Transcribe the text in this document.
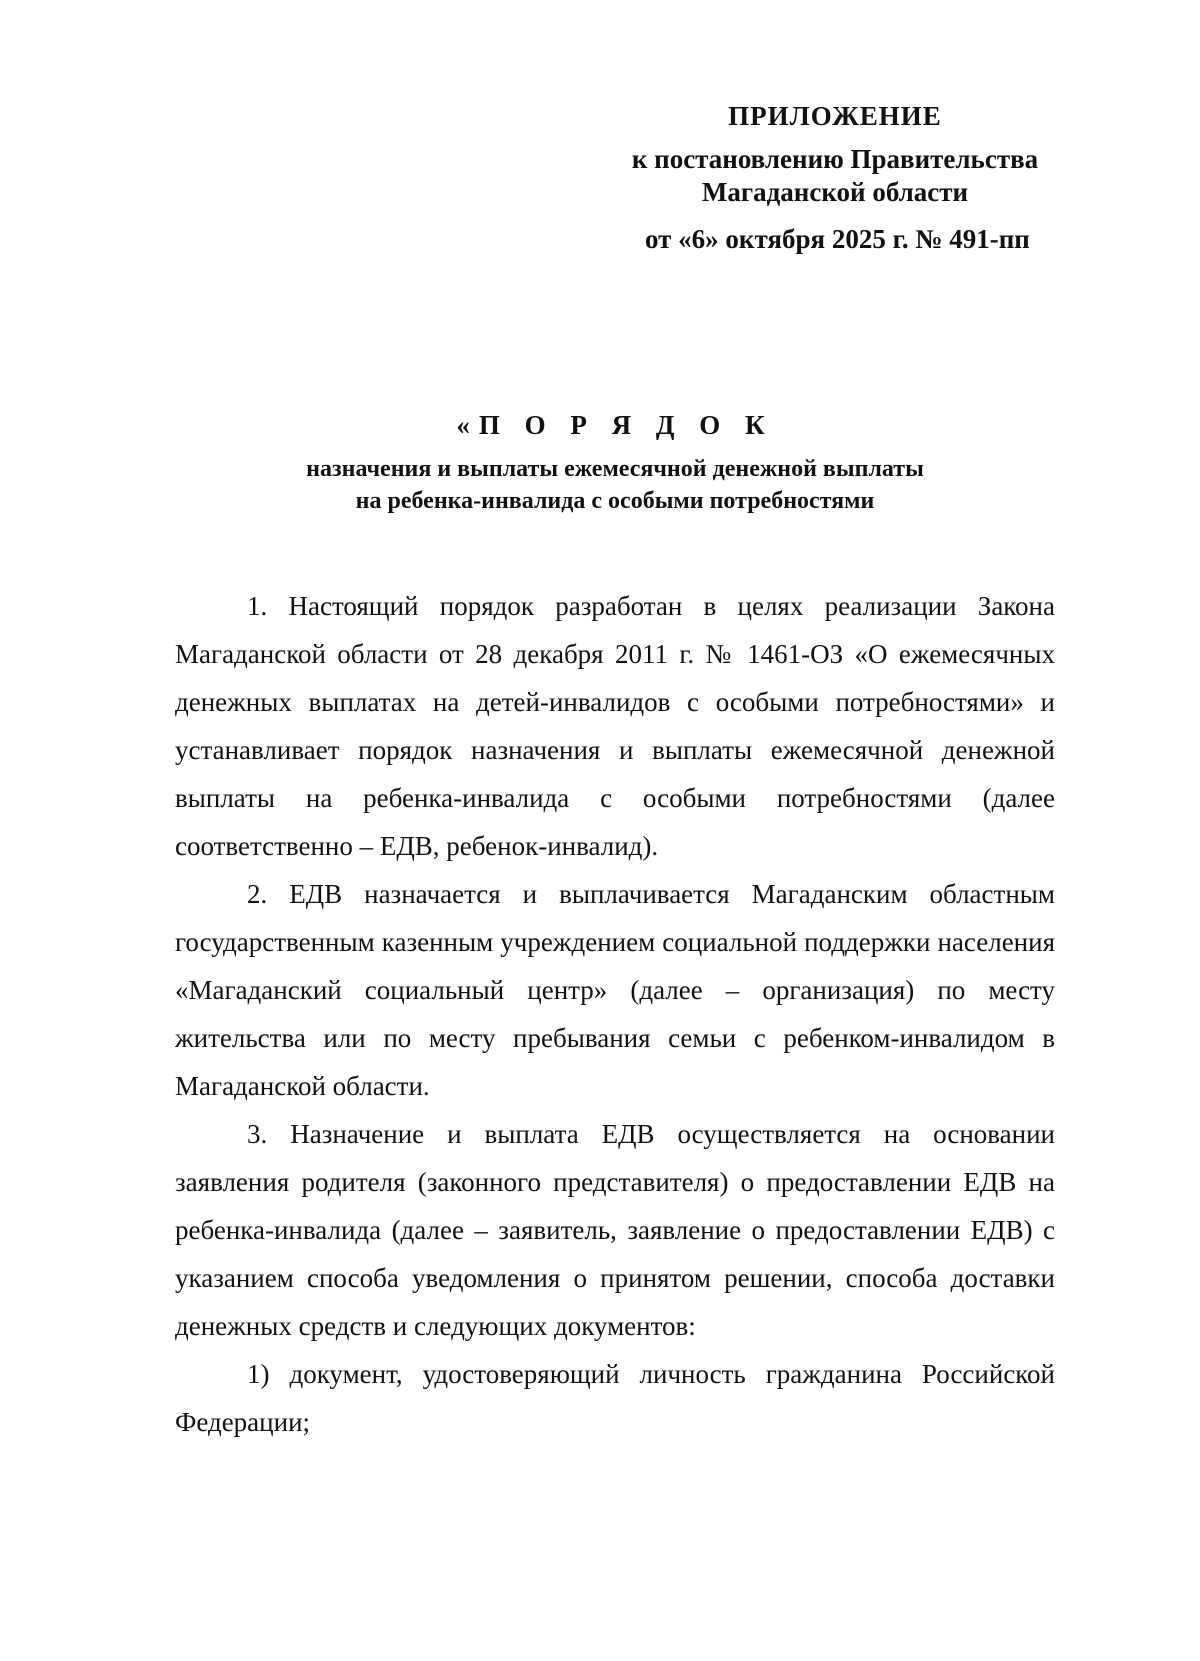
ПРИЛОЖЕНИЕ

к постановлению Правительства

Магаданской области

от «6» октября 2025 г. № 491-пп

«П О Р Я Д О К

назначения и выплаты ежемесячной денежной выплаты

на ребенка-инвалида с особыми потребностями

1. Настоящий порядок разработан в целях реализации Закона Магаданской области от 28 декабря 2011 г. № 1461-ОЗ «О ежемесячных денежных выплатах на детей-инвалидов с особыми потребностями» и устанавливает порядок назначения и выплаты ежемесячной денежной выплаты на ребенка-инвалида с особыми потребностями (далее соответственно – ЕДВ, ребенок-инвалид).

2. ЕДВ назначается и выплачивается Магаданским областным государственным казенным учреждением социальной поддержки населения «Магаданский социальный центр» (далее – организация) по месту жительства или по месту пребывания семьи с ребенком-инвалидом в Магаданской области.

3. Назначение и выплата ЕДВ осуществляется на основании заявления родителя (законного представителя) о предоставлении ЕДВ на ребенка-инвалида (далее – заявитель, заявление о предоставлении ЕДВ) с указанием способа уведомления о принятом решении, способа доставки денежных средств и следующих документов:

1) документ, удостоверяющий личность гражданина Российской Федерации;
